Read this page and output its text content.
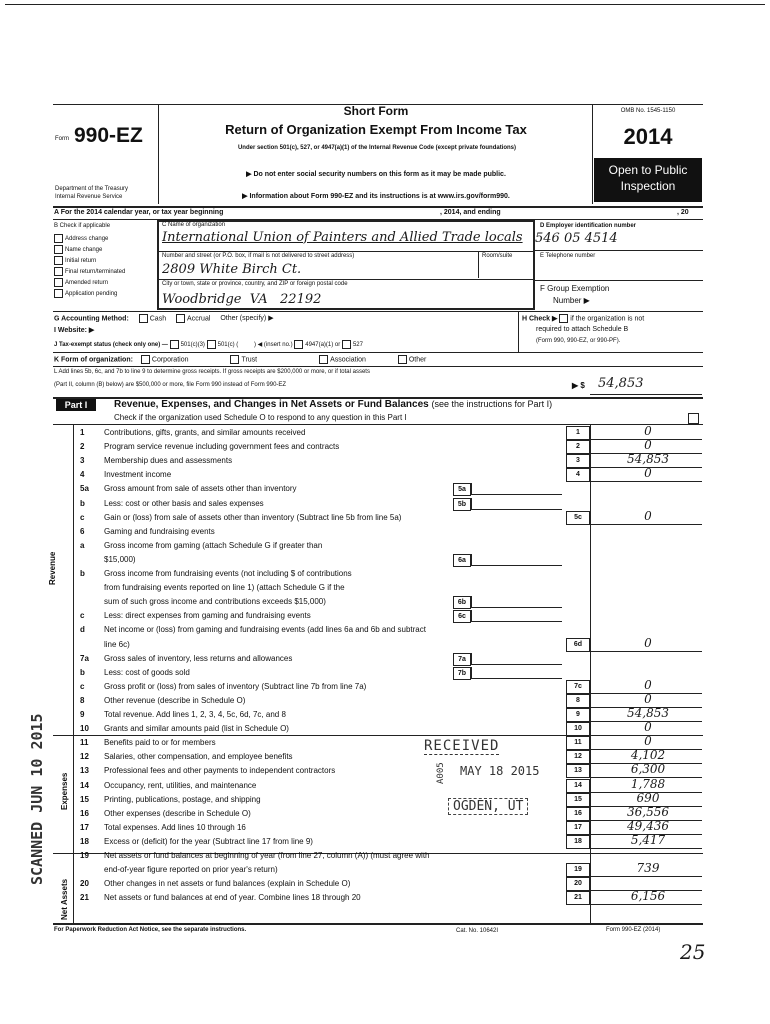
Form 990-EZ
Department of the Treasury
Internal Revenue Service
Short Form
Return of Organization Exempt From Income Tax
Under section 501(c), 527, or 4947(a)(1) of the Internal Revenue Code (except private foundations)
▶ Do not enter social security numbers on this form as it may be made public.
▶ Information about Form 990-EZ and its instructions is at www.irs.gov/form990.
OMB No. 1545-1150
2014
Open to Public
Inspection
A For the 2014 calendar year, or tax year beginning	, 2014, and ending	, 20
B Check if applicable
Address change
Name change
Initial return
Final return/terminated
Amended return
Application pending
C Name of organization
International Union of Painters and Allied Trade locals
Number and street (or P.O. box, if mail is not delivered to street address)	Room/suite
2809 White Birch Ct.
City or town, state or province, country, and ZIP or foreign postal code
Woodbridge  VA   22192
D Employer identification number
546 05 4514
E Telephone number
F Group Exemption
Number ▶
G Accounting Method:	Cash	Accrual Other (specify) ▶
I Website: ▶
J Tax-exempt status (check only one) — 501(c)(3) 501(c) (	) ◀ (insert no.) 4947(a)(1) or 527
H Check ▶ if the organization is not
required to attach Schedule B
(Form 990, 990-EZ, or 990-PF).
K Form of organization:	Corporation	Trust	Association	Other
L Add lines 5b, 6c, and 7b to line 9 to determine gross receipts. If gross receipts are $200,000 or more, or if total assets
(Part II, column (B) below) are $500,000 or more, file Form 990 instead of Form 990-EZ	▶ $ 54,853
Part I	Revenue, Expenses, and Changes in Net Assets or Fund Balances (see the instructions for Part I)
Check if the organization used Schedule O to respond to any question in this Part I
Revenue
Expenses
Net Assets
1 Contributions, gifts, grants, and similar amounts received	1	0
2 Program service revenue including government fees and contracts	2	0
3 Membership dues and assessments	3	54,853
4 Investment income	4	0
5a Gross amount from sale of assets other than inventory	5a
b Less: cost or other basis and sales expenses	5b
c Gain or (loss) from sale of assets other than inventory (Subtract line 5b from line 5a)	5c	0
6 Gaming and fundraising events
a Gross income from gaming (attach Schedule G if greater than
$15,000)	6a
b Gross income from fundraising events (not including $ of contributions
from fundraising events reported on line 1) (attach Schedule G if the
sum of such gross income and contributions exceeds $15,000)	6b
c Less: direct expenses from gaming and fundraising events	6c
d Net income or (loss) from gaming and fundraising events (add lines 6a and 6b and subtract
line 6c)	6d	0
7a Gross sales of inventory, less returns and allowances	7a
b Less: cost of goods sold	7b
c Gross profit or (loss) from sales of inventory (Subtract line 7b from line 7a)	7c	0
8 Other revenue (describe in Schedule O)	8	0
9 Total revenue. Add lines 1, 2, 3, 4, 5c, 6d, 7c, and 8	9	54,853
10 Grants and similar amounts paid (list in Schedule O)	10	0
11 Benefits paid to or for members	11	0
12 Salaries, other compensation, and employee benefits	12	4,102
13 Professional fees and other payments to independent contractors	13	6,300
14 Occupancy, rent, utilities, and maintenance	14	1,788
15 Printing, publications, postage, and shipping	15	690
16 Other expenses (describe in Schedule O)	16	36,556
17 Total expenses. Add lines 10 through 16	17	49,436
18 Excess or (deficit) for the year (Subtract line 17 from line 9)	18	5,417
19 Net assets or fund balances at beginning of year (from line 27, column (A)) (must agree with
end-of-year figure reported on prior year's return)	19	739
20 Other changes in net assets or fund balances (explain in Schedule O)	20
21 Net assets or fund balances at end of year. Combine lines 18 through 20	21	6,156
For Paperwork Reduction Act Notice, see the separate instructions.	Cat. No. 10642I	Form 990-EZ (2014)
25
RECEIVED
MAY 18 2015
OGDEN, UT
A005
SCANNED JUN 10 2015
